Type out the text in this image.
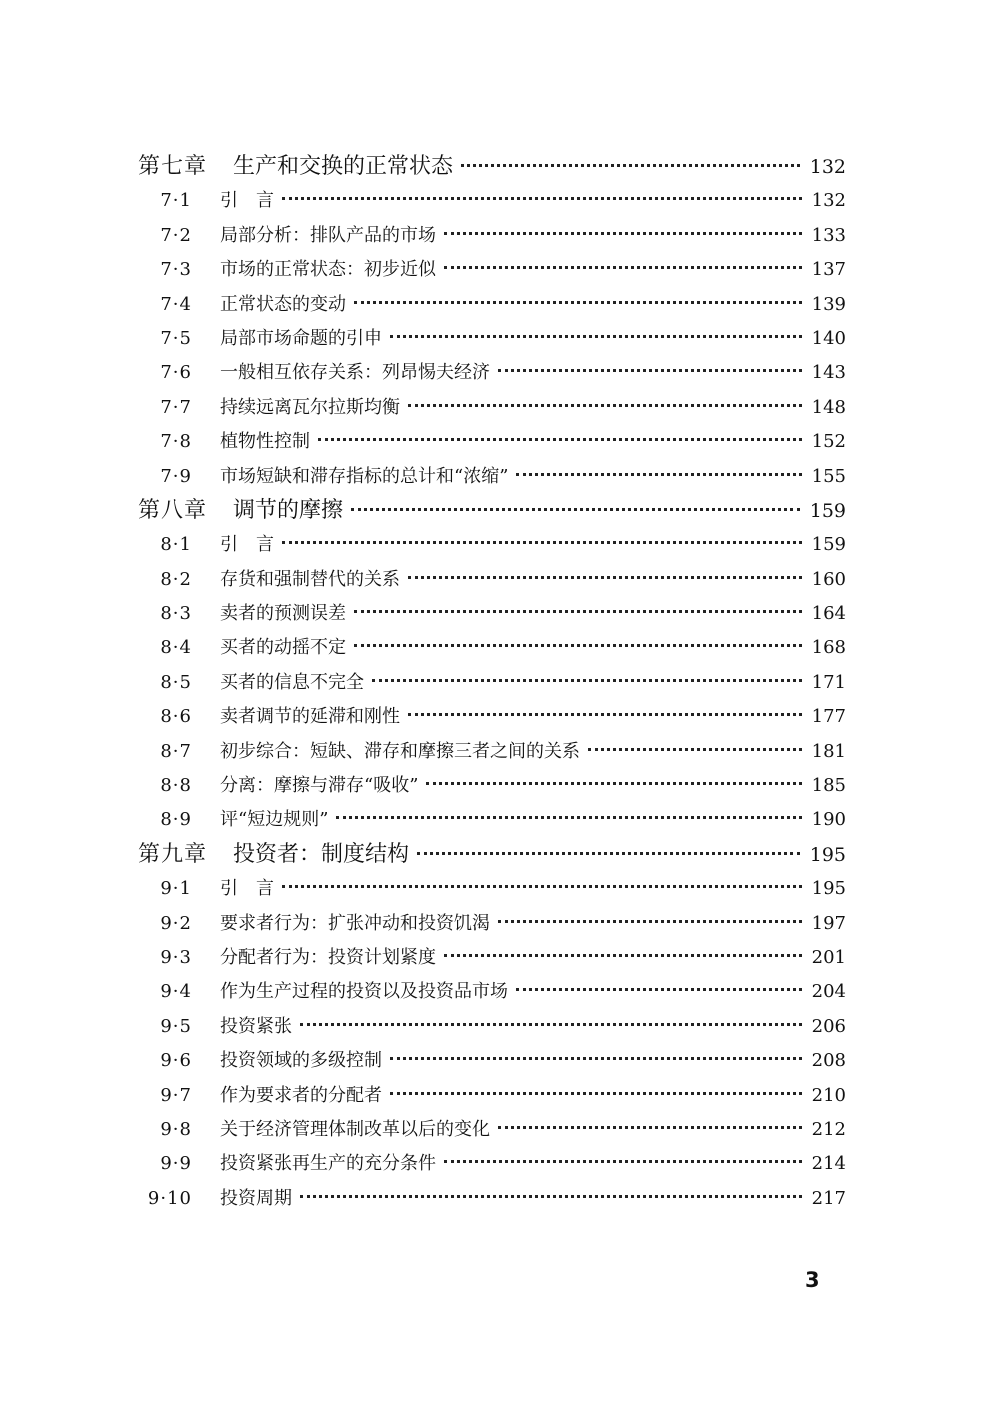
第七章 生产和交换的正常状态	132
7·1 引　言	132
7·2 局部分析：排队产品的市场	133
7·3 市场的正常状态：初步近似	137
7·4 正常状态的变动	139
7·5 局部市场命题的引申	140
7·6 一般相互依存关系：列昂惕夫经济	143
7·7 持续远离瓦尔拉斯均衡	148
7·8 植物性控制	152
7·9 市场短缺和滞存指标的总计和“浓缩”	155
第八章 调节的摩擦	159
8·1 引　言	159
8·2 存货和强制替代的关系	160
8·3 卖者的预测误差	164
8·4 买者的动摇不定	168
8·5 买者的信息不完全	171
8·6 卖者调节的延滞和刚性	177
8·7 初步综合：短缺、滞存和摩擦三者之间的关系	181
8·8 分离：摩擦与滞存“吸收”	185
8·9 评“短边规则”	190
第九章 投资者：制度结构	195
9·1 引　言	195
9·2 要求者行为：扩张冲动和投资饥渴	197
9·3 分配者行为：投资计划紧度	201
9·4 作为生产过程的投资以及投资品市场	204
9·5 投资紧张	206
9·6 投资领域的多级控制	208
9·7 作为要求者的分配者	210
9·8 关于经济管理体制改革以后的变化	212
9·9 投资紧张再生产的充分条件	214
9·10 投资周期	217
3
